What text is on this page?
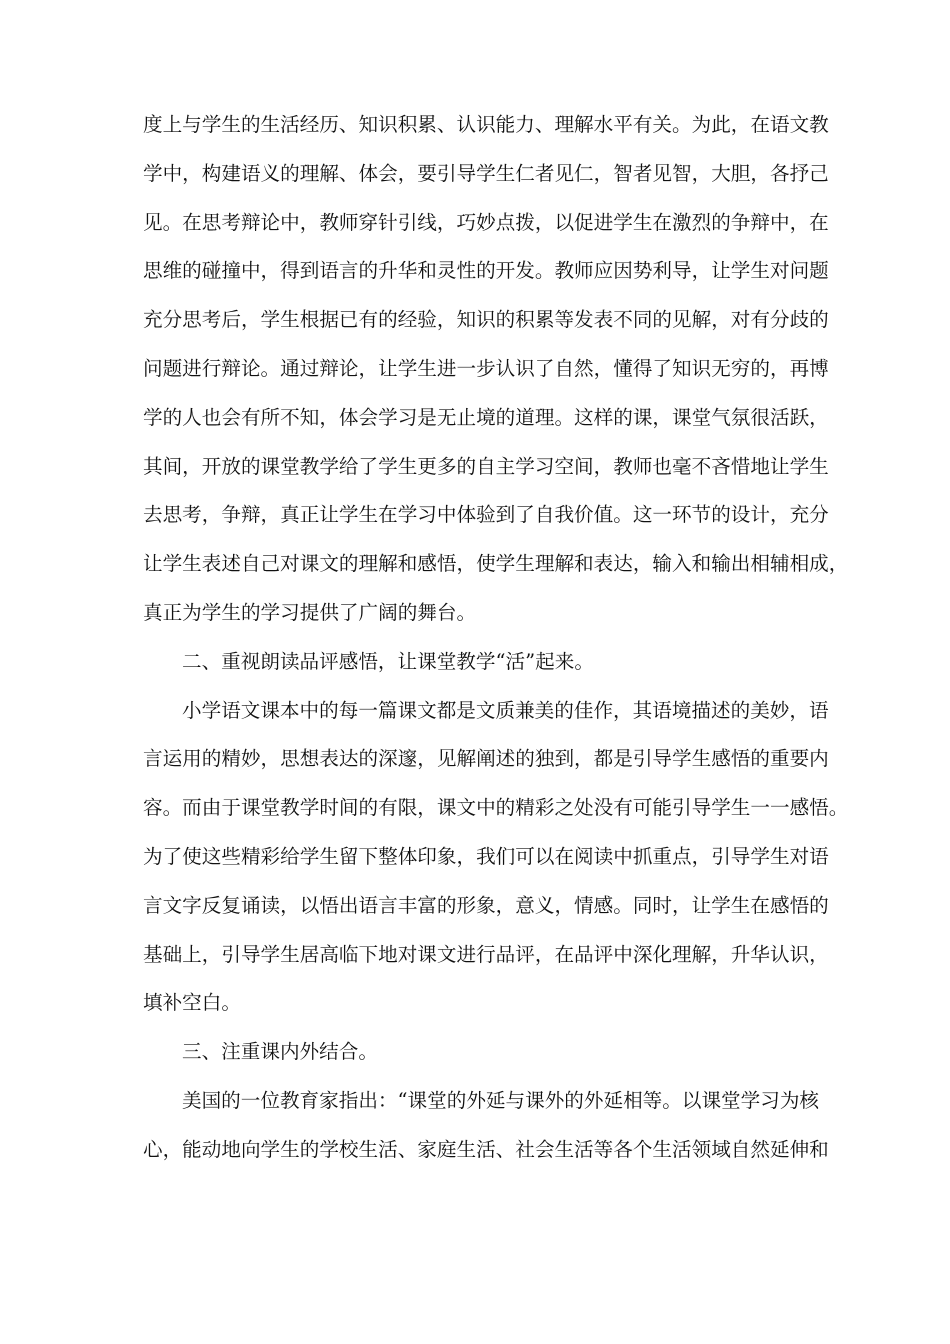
度上与学生的生活经历、知识积累、认识能力、理解水平有关。为此，在语文教
学中，构建语义的理解、体会，要引导学生仁者见仁，智者见智，大胆，各抒己
见。在思考辩论中，教师穿针引线，巧妙点拨，以促进学生在激烈的争辩中，在
思维的碰撞中，得到语言的升华和灵性的开发。教师应因势利导，让学生对问题
充分思考后，学生根据已有的经验，知识的积累等发表不同的见解，对有分歧的
问题进行辩论。通过辩论，让学生进一步认识了自然，懂得了知识无穷的，再博
学的人也会有所不知，体会学习是无止境的道理。这样的课，课堂气氛很活跃，
其间，开放的课堂教学给了学生更多的自主学习空间，教师也毫不吝惜地让学生
去思考，争辩，真正让学生在学习中体验到了自我价值。这一环节的设计，充分
让学生表述自己对课文的理解和感悟，使学生理解和表达，输入和输出相辅相成，
真正为学生的学习提供了广阔的舞台。
二、重视朗读品评感悟，让课堂教学“活”起来。
小学语文课本中的每一篇课文都是文质兼美的佳作，其语境描述的美妙，语
言运用的精妙，思想表达的深邃，见解阐述的独到，都是引导学生感悟的重要内
容。而由于课堂教学时间的有限，课文中的精彩之处没有可能引导学生一一感悟。
为了使这些精彩给学生留下整体印象，我们可以在阅读中抓重点，引导学生对语
言文字反复诵读，以悟出语言丰富的形象，意义，情感。同时，让学生在感悟的
基础上，引导学生居高临下地对课文进行品评，在品评中深化理解，升华认识，
填补空白。
三、注重课内外结合。
美国的一位教育家指出：“课堂的外延与课外的外延相等。以课堂学习为核
心，能动地向学生的学校生活、家庭生活、社会生活等各个生活领域自然延伸和
